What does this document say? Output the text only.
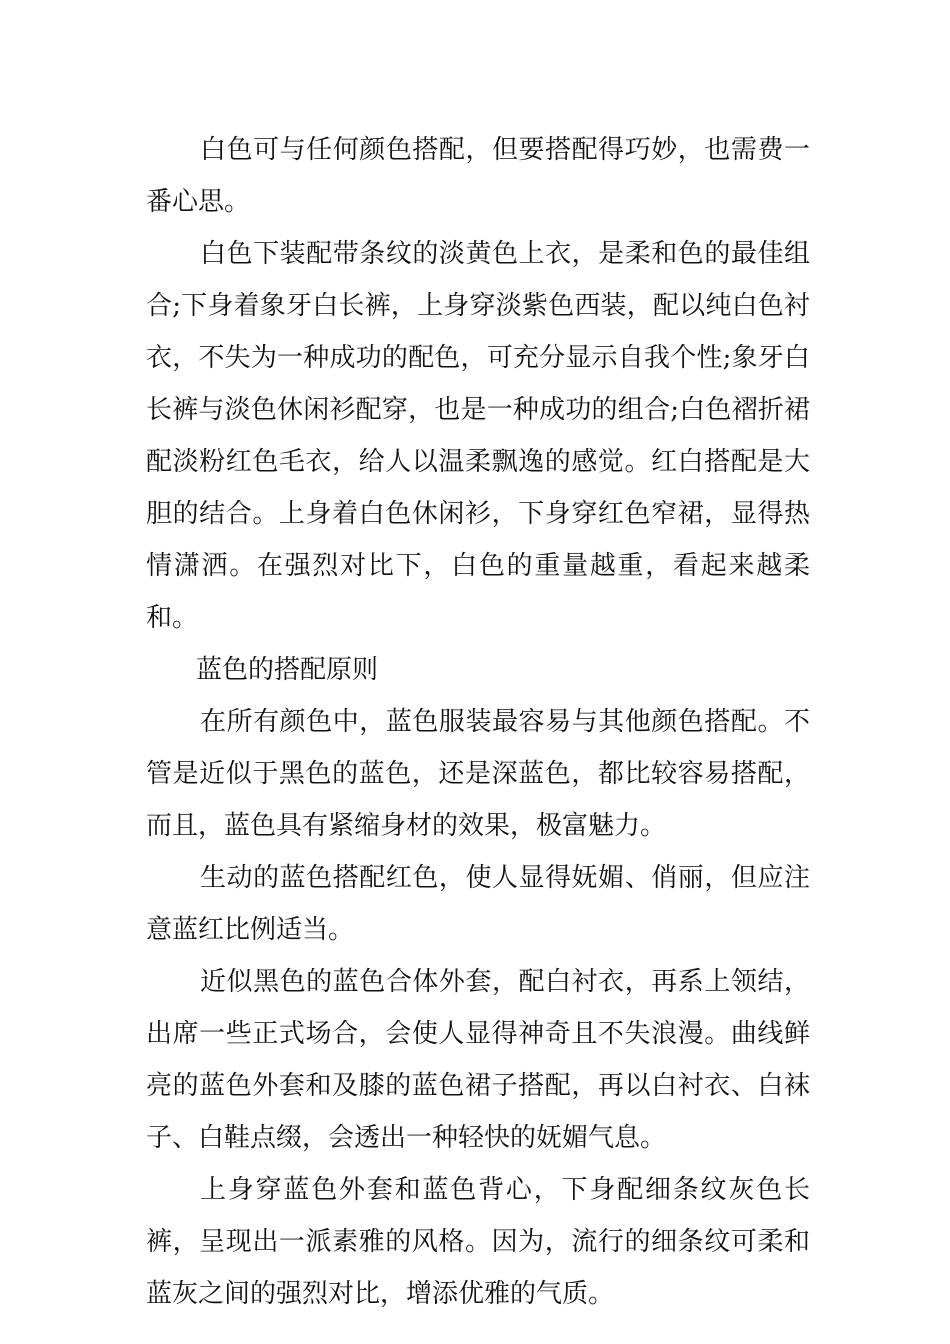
白色可与任何颜色搭配，但要搭配得巧妙，也需费一番心思。

白色下装配带条纹的淡黄色上衣，是柔和色的最佳组合;下身着象牙白长裤，上身穿淡紫色西装，配以纯白色衬衣，不失为一种成功的配色，可充分显示自我个性;象牙白长裤与淡色休闲衫配穿，也是一种成功的组合;白色褶折裙配淡粉红色毛衣，给人以温柔飘逸的感觉。红白搭配是大胆的结合。上身着白色休闲衫，下身穿红色窄裙，显得热情潇洒。在强烈对比下，白色的重量越重，看起来越柔和。

蓝色的搭配原则

在所有颜色中，蓝色服装最容易与其他颜色搭配。不管是近似于黑色的蓝色，还是深蓝色，都比较容易搭配，而且，蓝色具有紧缩身材的效果，极富魅力。

生动的蓝色搭配红色，使人显得妩媚、俏丽，但应注意蓝红比例适当。

近似黑色的蓝色合体外套，配白衬衣，再系上领结，出席一些正式场合，会使人显得神奇且不失浪漫。曲线鲜亮的蓝色外套和及膝的蓝色裙子搭配，再以白衬衣、白袜子、白鞋点缀，会透出一种轻快的妩媚气息。

上身穿蓝色外套和蓝色背心，下身配细条纹灰色长裤，呈现出一派素雅的风格。因为，流行的细条纹可柔和蓝灰之间的强烈对比，增添优雅的气质。
